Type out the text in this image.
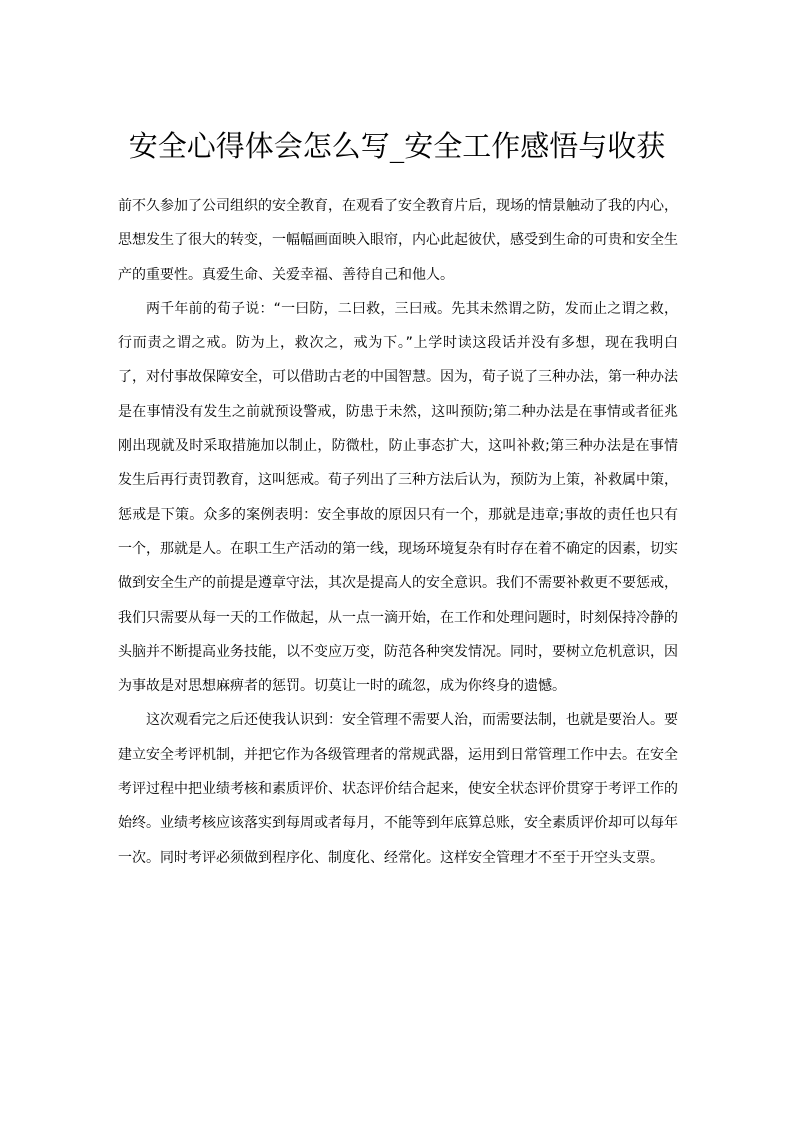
安全心得体会怎么写_安全工作感悟与收获

前不久参加了公司组织的安全教育，在观看了安全教育片后，现场的情景触动了我的内心，思想发生了很大的转变，一幅幅画面映入眼帘，内心此起彼伏，感受到生命的可贵和安全生产的重要性。真爱生命、关爱幸福、善待自己和他人。

两千年前的荀子说：“一曰防，二曰救，三曰戒。先其未然谓之防，发而止之谓之救，行而责之谓之戒。防为上，救次之，戒为下。”上学时读这段话并没有多想，现在我明白了，对付事故保障安全，可以借助古老的中国智慧。因为，荀子说了三种办法，第一种办法是在事情没有发生之前就预设警戒，防患于未然，这叫预防;第二种办法是在事情或者征兆刚出现就及时采取措施加以制止，防微杜，防止事态扩大，这叫补救;第三种办法是在事情发生后再行责罚教育，这叫惩戒。荀子列出了三种方法后认为，预防为上策，补救属中策，惩戒是下策。众多的案例表明：安全事故的原因只有一个，那就是违章;事故的责任也只有一个，那就是人。在职工生产活动的第一线，现场环境复杂有时存在着不确定的因素，切实做到安全生产的前提是遵章守法，其次是提高人的安全意识。我们不需要补救更不要惩戒，我们只需要从每一天的工作做起，从一点一滴开始，在工作和处理问题时，时刻保持冷静的头脑并不断提高业务技能，以不变应万变，防范各种突发情况。同时，要树立危机意识，因为事故是对思想麻痹者的惩罚。切莫让一时的疏忽，成为你终身的遗憾。

这次观看完之后还使我认识到：安全管理不需要人治，而需要法制，也就是要治人。要建立安全考评机制，并把它作为各级管理者的常规武器，运用到日常管理工作中去。在安全考评过程中把业绩考核和素质评价、状态评价结合起来，使安全状态评价贯穿于考评工作的始终。业绩考核应该落实到每周或者每月，不能等到年底算总账，安全素质评价却可以每年一次。同时考评必须做到程序化、制度化、经常化。这样安全管理才不至于开空头支票。
